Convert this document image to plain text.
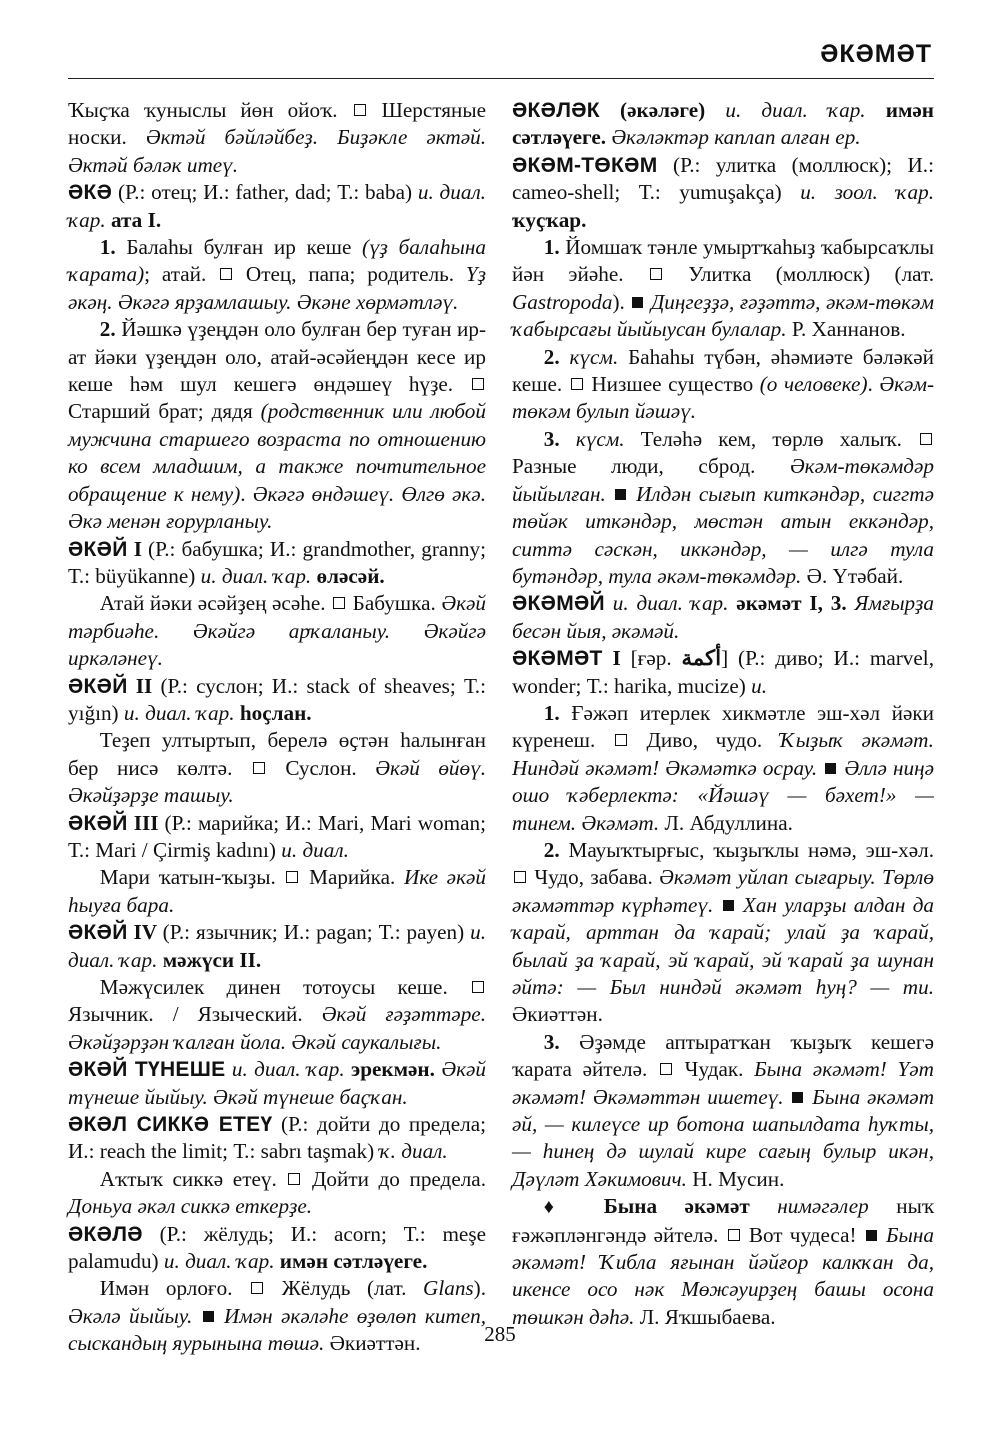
ӘКӘМӘТ

Ҡыҫҡа ҡуныслы йөн ойоҡ.  Шерстяные носки. Әктәй бәйләйбеҙ. Биҙәкле әктәй. Әктәй бәләк итеү.

ӘКӘ (Р.: отец; И.: father, dad; Т.: baba) и. диал. ҡар. ата I.

1. Балаһы булған ир кеше (үҙ балаһына ҡарата); атай.  Отец, папа; родитель. Үҙ әкәң. Әкәгә ярҙамлашыу. Әкәне хөрмәтләү.

2. Йәшкә үҙеңдән оло булған бер туған ир-ат йәки үҙеңдән оло, атай-әсәйеңдән кесе ир кеше һәм шул кешегә өндәшеү һүҙе.  Старший брат; дядя (родственник или любой мужчина старшего возраста по отношению ко всем младшим, а также почтительное обращение к нему). Әкәгә өндәшеү. Өлгө әкә. Әкә менән ғорурланыу.

ӘКӘЙ I (Р.: бабушка; И.: grandmother, granny; Т.: büyükanne) и. диал. ҡар. өләсәй.

Атай йәки әсәйҙең әсәһе.  Бабушка. Әкәй тәрбиәһе. Әкәйгә арҡаланыу. Әкәйгә иркәләнеү.

ӘКӘЙ II (Р.: суслон; И.: stack of sheaves; Т.: yığın) и. диал. ҡар. һоҫлан.

Теҙеп ултыртып, берелә өҫтән һалынған бер нисә көлтә.  Суслон. Әкәй өйөү. Әкәйҙәрҙе ташыу.

ӘКӘЙ III (Р.: марийка; И.: Mari, Mari woman; Т.: Mari / Çirmiş kadını) и. диал.

Мари ҡатын-ҡыҙы.  Марийка. Ике әкәй һыуға бара.

ӘКӘЙ IV (Р.: язычник; И.: pagan; Т.: payen) и. диал. ҡар. мәжүси II.

Мәжүсилек динен тотоусы кеше.  Язычник. / Языческий. Әкәй ғәҙәттәре. Әкәйҙәрҙән ҡалған йола. Әкәй саукалығы.

ӘКӘЙ ТҮНЕШЕ и. диал. ҡар. эрекмән. Әкәй түнеше йыйыу. Әкәй түнеше баҫҡан.

ӘКӘЛ СИККӘ ЕТЕҮ (Р.: дойти до предела; И.: reach the limit; Т.: sabrı taşmak) ҡ. диал.

Аҡтыҡ сиккә етеү.  Дойти до предела. Доньуа әкәл сиккә еткерҙе.

ӘКӘЛӘ (Р.: жёлудь; И.: acorn; Т.: meşe palamudu) и. диал. ҡар. имән сәтләүеге.

Имән орлоғо.  Жёлудь (лат. Glans). Әкәлә йыйыу. Имән әкәләһе өҙөлөп китеп, сыскандың яурынына төшә. Әкиәттән.

ӘКӘЛӘК (әкәләге) и. диал. ҡар. имән сәтләүеге. Әкәләктәр каплап алған ер.

ӘКӘМ-ТӨКӘМ (Р.: улитка (моллюск); И.: cameo-shell; Т.: yumuşakça) и. зоол. ҡар. ҡуҫҡар.

1. Йомшаҡ тәнле умыртҡаһыҙ ҡабырсаҡлы йән эйәһе.  Улитка (моллюск) (лат. Gastropoda).  Диңгеҙҙә, ғәҙәттә, әкәм-төкәм ҡабырсағы йыйыусан булалар. Р. Ханнанов.

2. күсм. Баһаһы түбән, әһәмиәте бәләкәй кеше.  Низшее существо (о человеке). Әкәм-төкәм булып йәшәү.

3. күсм. Теләһә кем, төрлө халыҡ.  Разные люди, сброд. Әкәм-төкәмдәр йыйылған. Илдән сығып киткәндәр, сиггтә төйәк иткәндәр, мөстән атын еккәндәр, ситтә сәскән, иккәндәр, — илгә тула бутәндәр, тула әкәм-төкәмдәр. Ә. Үтәбай.

ӘКӘМӘЙ и. диал. ҡар. әкәмәт I, 3. Ямғырҙа бесән йыя, әкәмәй.

ӘКӘМӘТ I [ғәр. أكمة] (Р.: диво; И.: marvel, wonder; Т.: harika, mucize) и.

1. Ғәжәп итерлек хикмәтле эш-хәл йәки күренеш.  Диво, чудо. Ҡыҙыҡ әкәмәт. Ниндәй әкәмәт! Әкәмәткә осрау. Әллә ниңә ошо ҡәберлектә: «Йәшәү — бәхет!» — тинем. Әкәмәт. Л. Абдуллина.

2. Мауыҡтырғыс, ҡыҙыҡлы нәмә, эш-хәл.  Чудо, забава. Әкәмәт уйлап сығарыу. Төрлө әкәмәттәр күрһәтеү. Хан уларҙы алдан да ҡарай, арттан да ҡарай; улай ҙа ҡарай, былай ҙа ҡарай, эй ҡарай, эй ҡарай ҙа шунан әйтә: — Был ниндәй әкәмәт һуң? — ти. Әкиәттән.

3. Әҙәмде аптыратҡан ҡыҙыҡ кешегә ҡарата әйтелә.  Чудак. Бына әкәмәт! Үәт әкәмәт! Әкәмәттән ишетеү. Бына әкәмәт әй, — килеүсе ир ботона шапылдата һуҡты, — һинең дә шулай кире сағың булыр икән, Дәүләт Хәкимович. Н. Мусин.

♦ Бына әкәмәт нимәгәлер ныҡ ғәжәпләнгәндә әйтелә.  Вот чудеса!  Бына әкәмәт! Ҡибла яғынан йәйғор калкҡан да, икенсе осо нәк Мөжәуирҙең башы осона төшкән дәһә. Л. Яҡшыбаева.

285
